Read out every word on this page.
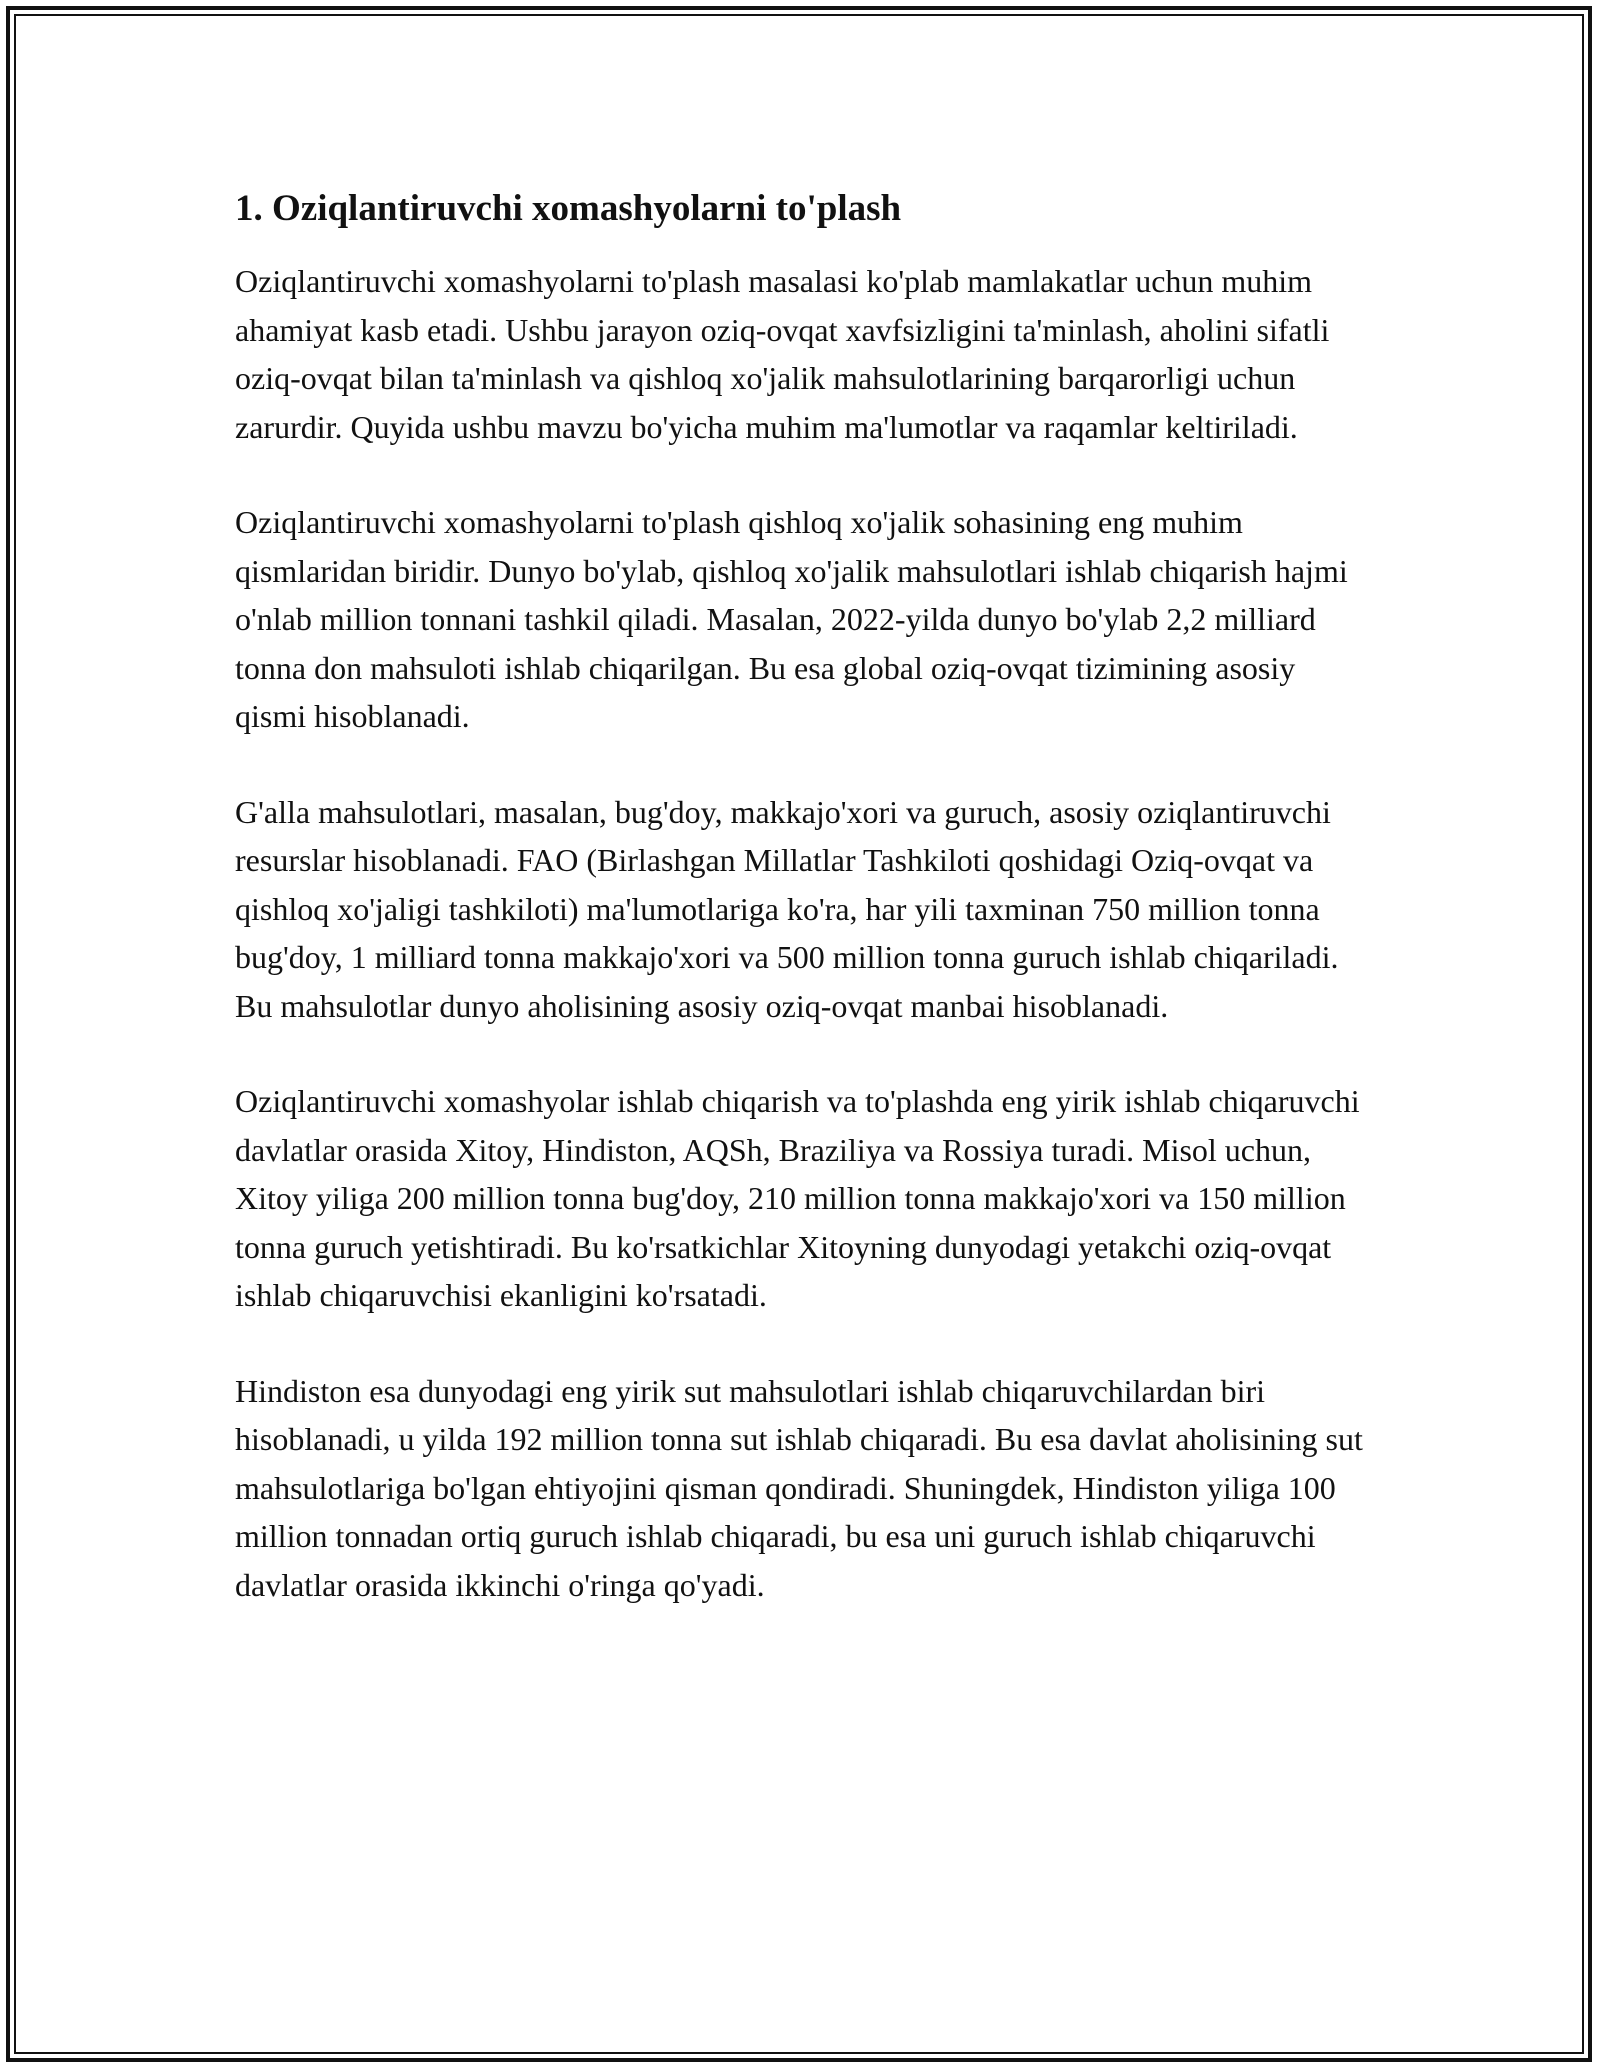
1. Oziqlantiruvchi xomashyolarni to'plash

Oziqlantiruvchi xomashyolarni to'plash masalasi ko'plab mamlakatlar uchun muhim ahamiyat kasb etadi. Ushbu jarayon oziq-ovqat xavfsizligini ta'minlash, aholini sifatli oziq-ovqat bilan ta'minlash va qishloq xo'jalik mahsulotlarining barqarorligi uchun zarurdir. Quyida ushbu mavzu bo'yicha muhim ma'lumotlar va raqamlar keltiriladi.

Oziqlantiruvchi xomashyolarni to'plash qishloq xo'jalik sohasining eng muhim qismlaridan biridir. Dunyo bo'ylab, qishloq xo'jalik mahsulotlari ishlab chiqarish hajmi o'nlab million tonnani tashkil qiladi. Masalan, 2022-yilda dunyo bo'ylab 2,2 milliard tonna don mahsuloti ishlab chiqarilgan. Bu esa global oziq-ovqat tizimining asosiy qismi hisoblanadi.

G'alla mahsulotlari, masalan, bug'doy, makkajo'xori va guruch, asosiy oziqlantiruvchi resurslar hisoblanadi. FAO (Birlashgan Millatlar Tashkiloti qoshidagi Oziq-ovqat va qishloq xo'jaligi tashkiloti) ma'lumotlariga ko'ra, har yili taxminan 750 million tonna bug'doy, 1 milliard tonna makkajo'xori va 500 million tonna guruch ishlab chiqariladi. Bu mahsulotlar dunyo aholisining asosiy oziq-ovqat manbai hisoblanadi.

Oziqlantiruvchi xomashyolar ishlab chiqarish va to'plashda eng yirik ishlab chiqaruvchi davlatlar orasida Xitoy, Hindiston, AQSh, Braziliya va Rossiya turadi. Misol uchun, Xitoy yiliga 200 million tonna bug'doy, 210 million tonna makkajo'xori va 150 million tonna guruch yetishtiradi. Bu ko'rsatkichlar Xitoyning dunyodagi yetakchi oziq-ovqat ishlab chiqaruvchisi ekanligini ko'rsatadi.

Hindiston esa dunyodagi eng yirik sut mahsulotlari ishlab chiqaruvchilardan biri hisoblanadi, u yilda 192 million tonna sut ishlab chiqaradi. Bu esa davlat aholisining sut mahsulotlariga bo'lgan ehtiyojini qisman qondiradi. Shuningdek, Hindiston yiliga 100 million tonnadan ortiq guruch ishlab chiqaradi, bu esa uni guruch ishlab chiqaruvchi davlatlar orasida ikkinchi o'ringa qo'yadi.
